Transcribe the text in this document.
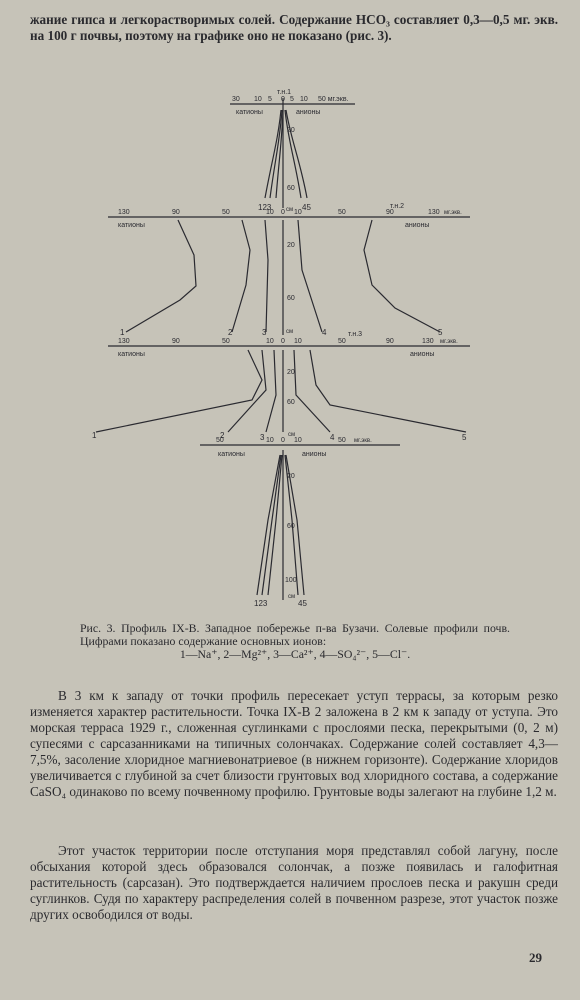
жание гипса и легкорастворимых солей. Содержание НСО₃ составляет 0,3—0,5 мг. экв. на 100 г почвы, поэтому на графике оно не показано (рис. 3).

т.н.1
30 10 5 0 5 10 50 мг.экв.
катионы	анионы
20
60
123 см 45	т.н.2
130	90	50	10 0 10	50	90	130 мг.экв.
катионы	анионы
20
60
1	2	3	см	4	5
т.н.3
130	90	50	10 0 10	50	90	130 мг.экв.
катионы	анионы
20
60
1	2	3	см	4	5
50	10 0 10	50 мг.экв.
катионы	анионы
20
60
100
123
см
45

Рис. 3. Профиль IX-В. Западное побережье п-ва Бузачи. Солевые профили почв. Цифрами показано содержание основных ионов:
1—Na⁺, 2—Mg²⁺, 3—Ca²⁺, 4—SO₄²⁻, 5—Cl⁻.

В 3 км к западу от точки профиль пересекает уступ террасы, за которым резко изменяется характер растительности. Точка IX-В 2 заложена в 2 км к западу от уступа. Это морская терраса 1929 г., сложенная суглинками с прослоями песка, перекрытыми (0, 2 м) супесями с сарсазанниками на типичных солончаках. Содержание солей составляет 4,3—7,5%, засоление хлоридное магниевонатриевое (в нижнем горизонте). Содержание хлоридов увеличивается с глубиной за счет близости грунтовых вод хлоридного состава, а содержание CaSO₄ одинаково по всему почвенному профилю. Грунтовые воды залегают на глубине 1,2 м.

Этот участок территории после отступания моря представлял собой лагуну, после обсыхания которой здесь образовался солончак, а позже появилась и галофитная растительность (сарсазан). Это подтверждается наличием прослоев песка и ракушн среди суглинков. Судя по характеру распределения солей в почвенном разрезе, этот участок позже других освободился от воды.

29
